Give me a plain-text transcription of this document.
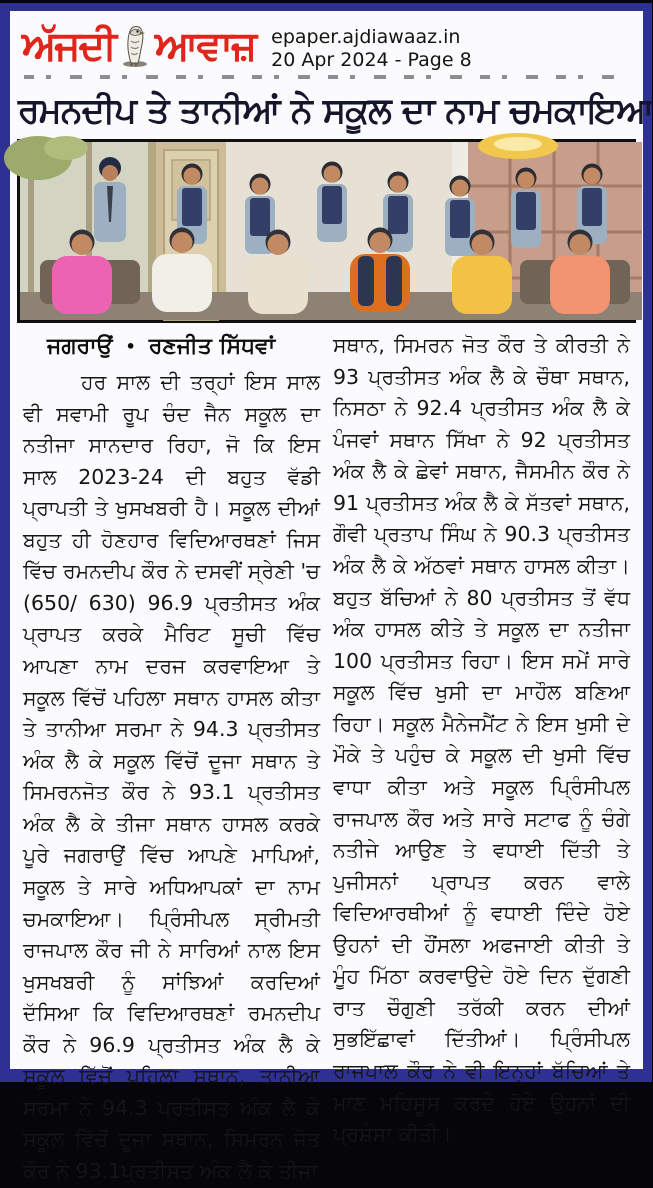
ਅੱਜਦੀ ਆਵਾਜ਼ epaper.ajdiawaaz.in
20 Apr 2024 - Page 8
ਰਮਨਦੀਪ ਤੇ ਤਾਨੀਆਂ ਨੇ ਸਕੂਲ ਦਾ ਨਾਮ ਚਮਕਾਇਆ
ਜਗਰਾਉਂ • ਰਣਜੀਤ ਸਿੱਧਵਾਂ

ਹਰ ਸਾਲ ਦੀ ਤਰ੍ਹਾਂ ਇਸ ਸਾਲ ਵੀ ਸਵਾਮੀ ਰੂਪ ਚੰਦ ਜੈਨ ਸਕੂਲ ਦਾ ਨਤੀਜਾ ਸਾਨਦਾਰ ਰਿਹਾ, ਜੋ ਕਿ ਇਸ ਸਾਲ 2023-24 ਦੀ ਬਹੁਤ ਵੱਡੀ ਪ੍ਰਾਪਤੀ ਤੇ ਖੁਸਖਬਰੀ ਹੈ। ਸਕੂਲ ਦੀਆਂ ਬਹੁਤ ਹੀ ਹੋਣਹਾਰ ਵਿਦਿਆਰਥਣਾਂ ਜਿਸ ਵਿੱਚ ਰਮਨਦੀਪ ਕੌਰ ਨੇ ਦਸਵੀਂ ਸ੍ਰੇਣੀ 'ਚ (650/ 630) 96.9 ਪ੍ਰਤੀਸਤ ਅੰਕ ਪ੍ਰਾਪਤ ਕਰਕੇ ਮੈਰਿਟ ਸੂਚੀ ਵਿੱਚ ਆਪਣਾ ਨਾਮ ਦਰਜ ਕਰਵਾਇਆ ਤੇ ਸਕੂਲ ਵਿੱਚੋਂ ਪਹਿਲਾ ਸਥਾਨ ਹਾਸਲ ਕੀਤਾ ਤੇ ਤਾਨੀਆ ਸਰਮਾ ਨੇ 94.3 ਪ੍ਰਤੀਸਤ ਅੰਕ ਲੈ ਕੇ ਸਕੂਲ ਵਿੱਚੋਂ ਦੂਜਾ ਸਥਾਨ ਤੇ ਸਿਮਰਨਜੋਤ ਕੌਰ ਨੇ 93.1 ਪ੍ਰਤੀਸਤ ਅੰਕ ਲੈ ਕੇ ਤੀਜਾ ਸਥਾਨ ਹਾਸਲ ਕਰਕੇ ਪੂਰੇ ਜਗਰਾਉਂ ਵਿੱਚ ਆਪਣੇ ਮਾਪਿਆਂ, ਸਕੂਲ ਤੇ ਸਾਰੇ ਅਧਿਆਪਕਾਂ ਦਾ ਨਾਮ ਚਮਕਾਇਆ। ਪ੍ਰਿੰਸੀਪਲ ਸ੍ਰੀਮਤੀ ਰਾਜਪਾਲ ਕੌਰ ਜੀ ਨੇ ਸਾਰਿਆਂ ਨਾਲ ਇਸ ਖੁਸਖਬਰੀ ਨੂੰ ਸਾਂਝਿਆਂ ਕਰਦਿਆਂ ਦੱਸਿਆ ਕਿ ਵਿਦਿਆਰਥਣਾਂ ਰਮਨਦੀਪ ਕੌਰ ਨੇ 96.9 ਪ੍ਰਤੀਸਤ ਅੰਕ ਲੈ ਕੇ ਸਕੂਲ ਵਿੱਚੋਂ ਪਹਿਲਾ ਸਥਾਨ, ਤਾਨੀਆ ਸਰਮਾ ਨੇ 94.3 ਪ੍ਰਤੀਸਤ ਅੰਕ ਲੈ ਕੇ ਸਕੂਲ ਵਿੱਚੋਂ ਦੂਜਾ ਸਥਾਨ, ਸਿਮਰਨ ਜੋਤ ਕੌਰ ਨੇ 93.1ਪ੍ਰਤੀਸਤ ਅੰਕ ਲੈ ਕੇ ਤੀਜਾ

ਸਥਾਨ, ਸਿਮਰਨ ਜੋਤ ਕੌਰ ਤੇ ਕੀਰਤੀ ਨੇ 93 ਪ੍ਰਤੀਸਤ ਅੰਕ ਲੈ ਕੇ ਚੌਥਾ ਸਥਾਨ, ਨਿਸਠਾ ਨੇ 92.4 ਪ੍ਰਤੀਸਤ ਅੰਕ ਲੈ ਕੇ ਪੰਜਵਾਂ ਸਥਾਨ ਸਿੱਖਾ ਨੇ 92 ਪ੍ਰਤੀਸਤ ਅੰਕ ਲੈ ਕੇ ਛੇਵਾਂ ਸਥਾਨ, ਜੈਸਮੀਨ ਕੌਰ ਨੇ 91 ਪ੍ਰਤੀਸਤ ਅੰਕ ਲੈ ਕੇ ਸੱਤਵਾਂ ਸਥਾਨ, ਗੌਵੀ ਪ੍ਰਤਾਪ ਸਿੰਘ ਨੇ 90.3 ਪ੍ਰਤੀਸਤ ਅੰਕ ਲੈ ਕੇ ਅੱਠਵਾਂ ਸਥਾਨ ਹਾਸਲ ਕੀਤਾ। ਬਹੁਤ ਬੱਚਿਆਂ ਨੇ 80 ਪ੍ਰਤੀਸਤ ਤੋਂ ਵੱਧ ਅੰਕ ਹਾਸਲ ਕੀਤੇ ਤੇ ਸਕੂਲ ਦਾ ਨਤੀਜਾ 100 ਪ੍ਰਤੀਸਤ ਰਿਹਾ। ਇਸ ਸਮੇਂ ਸਾਰੇ ਸਕੂਲ ਵਿੱਚ ਖੁਸੀ ਦਾ ਮਾਹੌਲ ਬਣਿਆ ਰਿਹਾ। ਸਕੂਲ ਮੈਨੇਜਮੈਂਟ ਨੇ ਇਸ ਖੁਸੀ ਦੇ ਮੌਕੇ ਤੇ ਪਹੁੰਚ ਕੇ ਸਕੂਲ ਦੀ ਖੁਸੀ ਵਿੱਚ ਵਾਧਾ ਕੀਤਾ ਅਤੇ ਸਕੂਲ ਪ੍ਰਿੰਸੀਪਲ ਰਾਜਪਾਲ ਕੌਰ ਅਤੇ ਸਾਰੇ ਸਟਾਫ ਨੂੰ ਚੰਗੇ ਨਤੀਜੇ ਆਉਣ ਤੇ ਵਧਾਈ ਦਿੱਤੀ ਤੇ ਪੁਜੀਸਨਾਂ ਪ੍ਰਾਪਤ ਕਰਨ ਵਾਲੇ ਵਿਦਿਆਰਥੀਆਂ ਨੂੰ ਵਧਾਈ ਦਿੰਦੇ ਹੋਏ ਉਹਨਾਂ ਦੀ ਹੌਂਸਲਾ ਅਫਜਾਈ ਕੀਤੀ ਤੇ ਮੂੰਹ ਮਿੱਠਾ ਕਰਵਾਉਦੇ ਹੋਏ ਦਿਨ ਦੁੱਗਣੀ ਰਾਤ ਚੌਗੁਣੀ ਤਰੱਕੀ ਕਰਨ ਦੀਆਂ ਸੁਭਇੱਛਾਵਾਂ ਦਿੱਤੀਆਂ। ਪ੍ਰਿੰਸੀਪਲ ਰਾਜਪਾਲ ਕੌਰ ਨੇ ਵੀ ਇਨ੍ਹਾਂ ਬੱਚਿਆਂ ਤੇ ਮਾਣ ਮਹਿਸੂਸ ਕਰਦੇ ਹੋਏ ਉਹਨਾਂ ਦੀ ਪ੍ਰਸ਼ੰਸਾ ਕੀਤੀ।
